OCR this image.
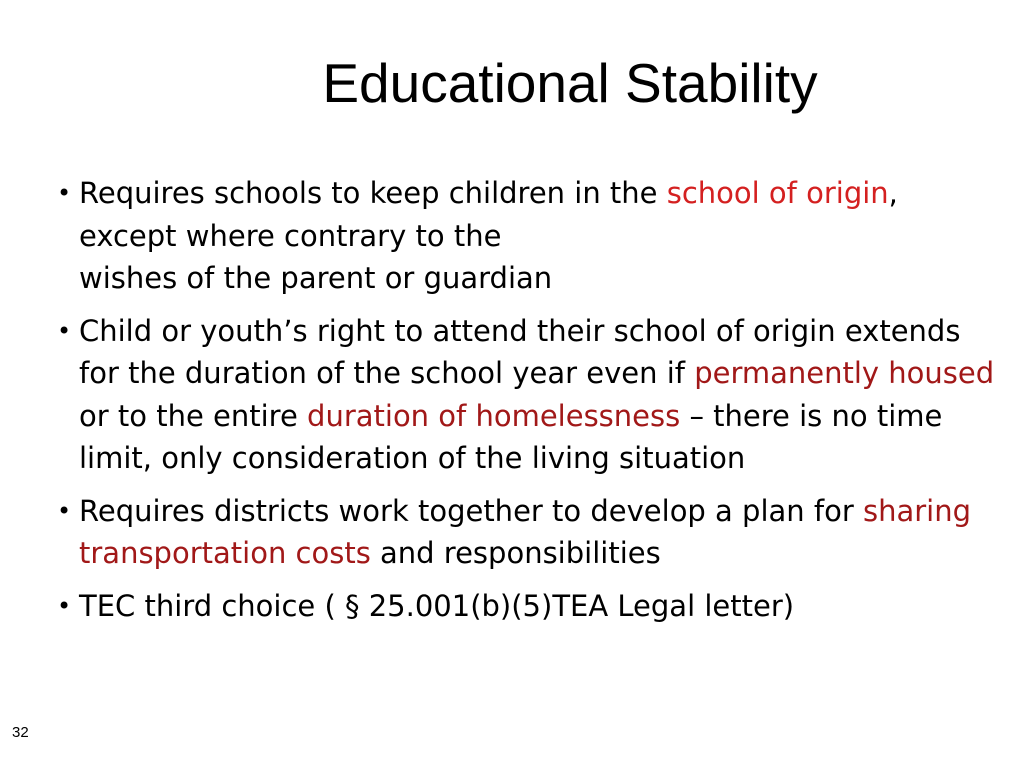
Educational Stability
• Requires schools to keep children in the school of origin, except where contrary to the
wishes of the parent or guardian
• Child or youth’s right to attend their school of origin extends for the duration of the school year even if permanently housed or to the entire duration of homelessness – there is no time limit, only consideration of the living situation
• Requires districts work together to develop a plan for sharing transportation costs and responsibilities
• TEC third choice ( § 25.001(b)(5)TEA Legal letter)
32
